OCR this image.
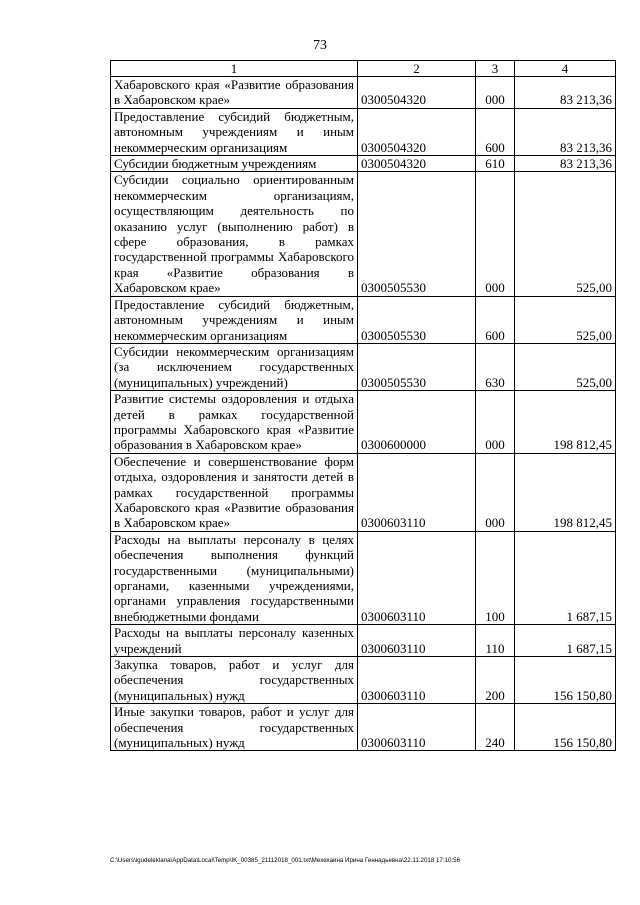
73
1	2	3	4
Хабаровского края «Развитие образования в Хабаровском крае»	0300504320	000	83 213,36
Предоставление субсидий бюджетным, автономным учреждениям и иным некоммерческим организациям	0300504320	600	83 213,36
Субсидии бюджетным учреждениям	0300504320	610	83 213,36
Субсидии социально ориентированным некоммерческим организациям, осуществляющим деятельность по оказанию услуг (выполнению работ) в сфере образования, в рамках государственной программы Хабаровского края «Развитие образования в Хабаровском крае»	0300505530	000	525,00
Предоставление субсидий бюджетным, автономным учреждениям и иным некоммерческим организациям	0300505530	600	525,00
Субсидии некоммерческим организациям (за исключением государственных (муниципальных) учреждений)	0300505530	630	525,00
Развитие системы оздоровления и отдыха детей в рамках государственной программы Хабаровского края «Развитие образования в Хабаровском крае»	0300600000	000	198 812,45
Обеспечение и совершенствование форм отдыха, оздоровления и занятости детей в рамках государственной программы Хабаровского края «Развитие образования в Хабаровском крае»	0300603110	000	198 812,45
Расходы на выплаты персоналу в целях обеспечения выполнения функций государственными (муниципальными) органами, казенными учреждениями, органами управления государственными внебюджетными фондами	0300603110	100	1 687,15
Расходы на выплаты персоналу казенных учреждений	0300603110	110	1 687,15
Закупка товаров, работ и услуг для обеспечения государственных (муниципальных) нужд	0300603110	200	156 150,80
Иные закупки товаров, работ и услуг для обеспечения государственных (муниципальных) нужд	0300603110	240	156 150,80
C:\Users\igudeleklana\AppData\Local\Temp\IK_00385_21112018_001.txt\Мехехаина Ирина Геннадьевна\22.11.2018 17:10:56
